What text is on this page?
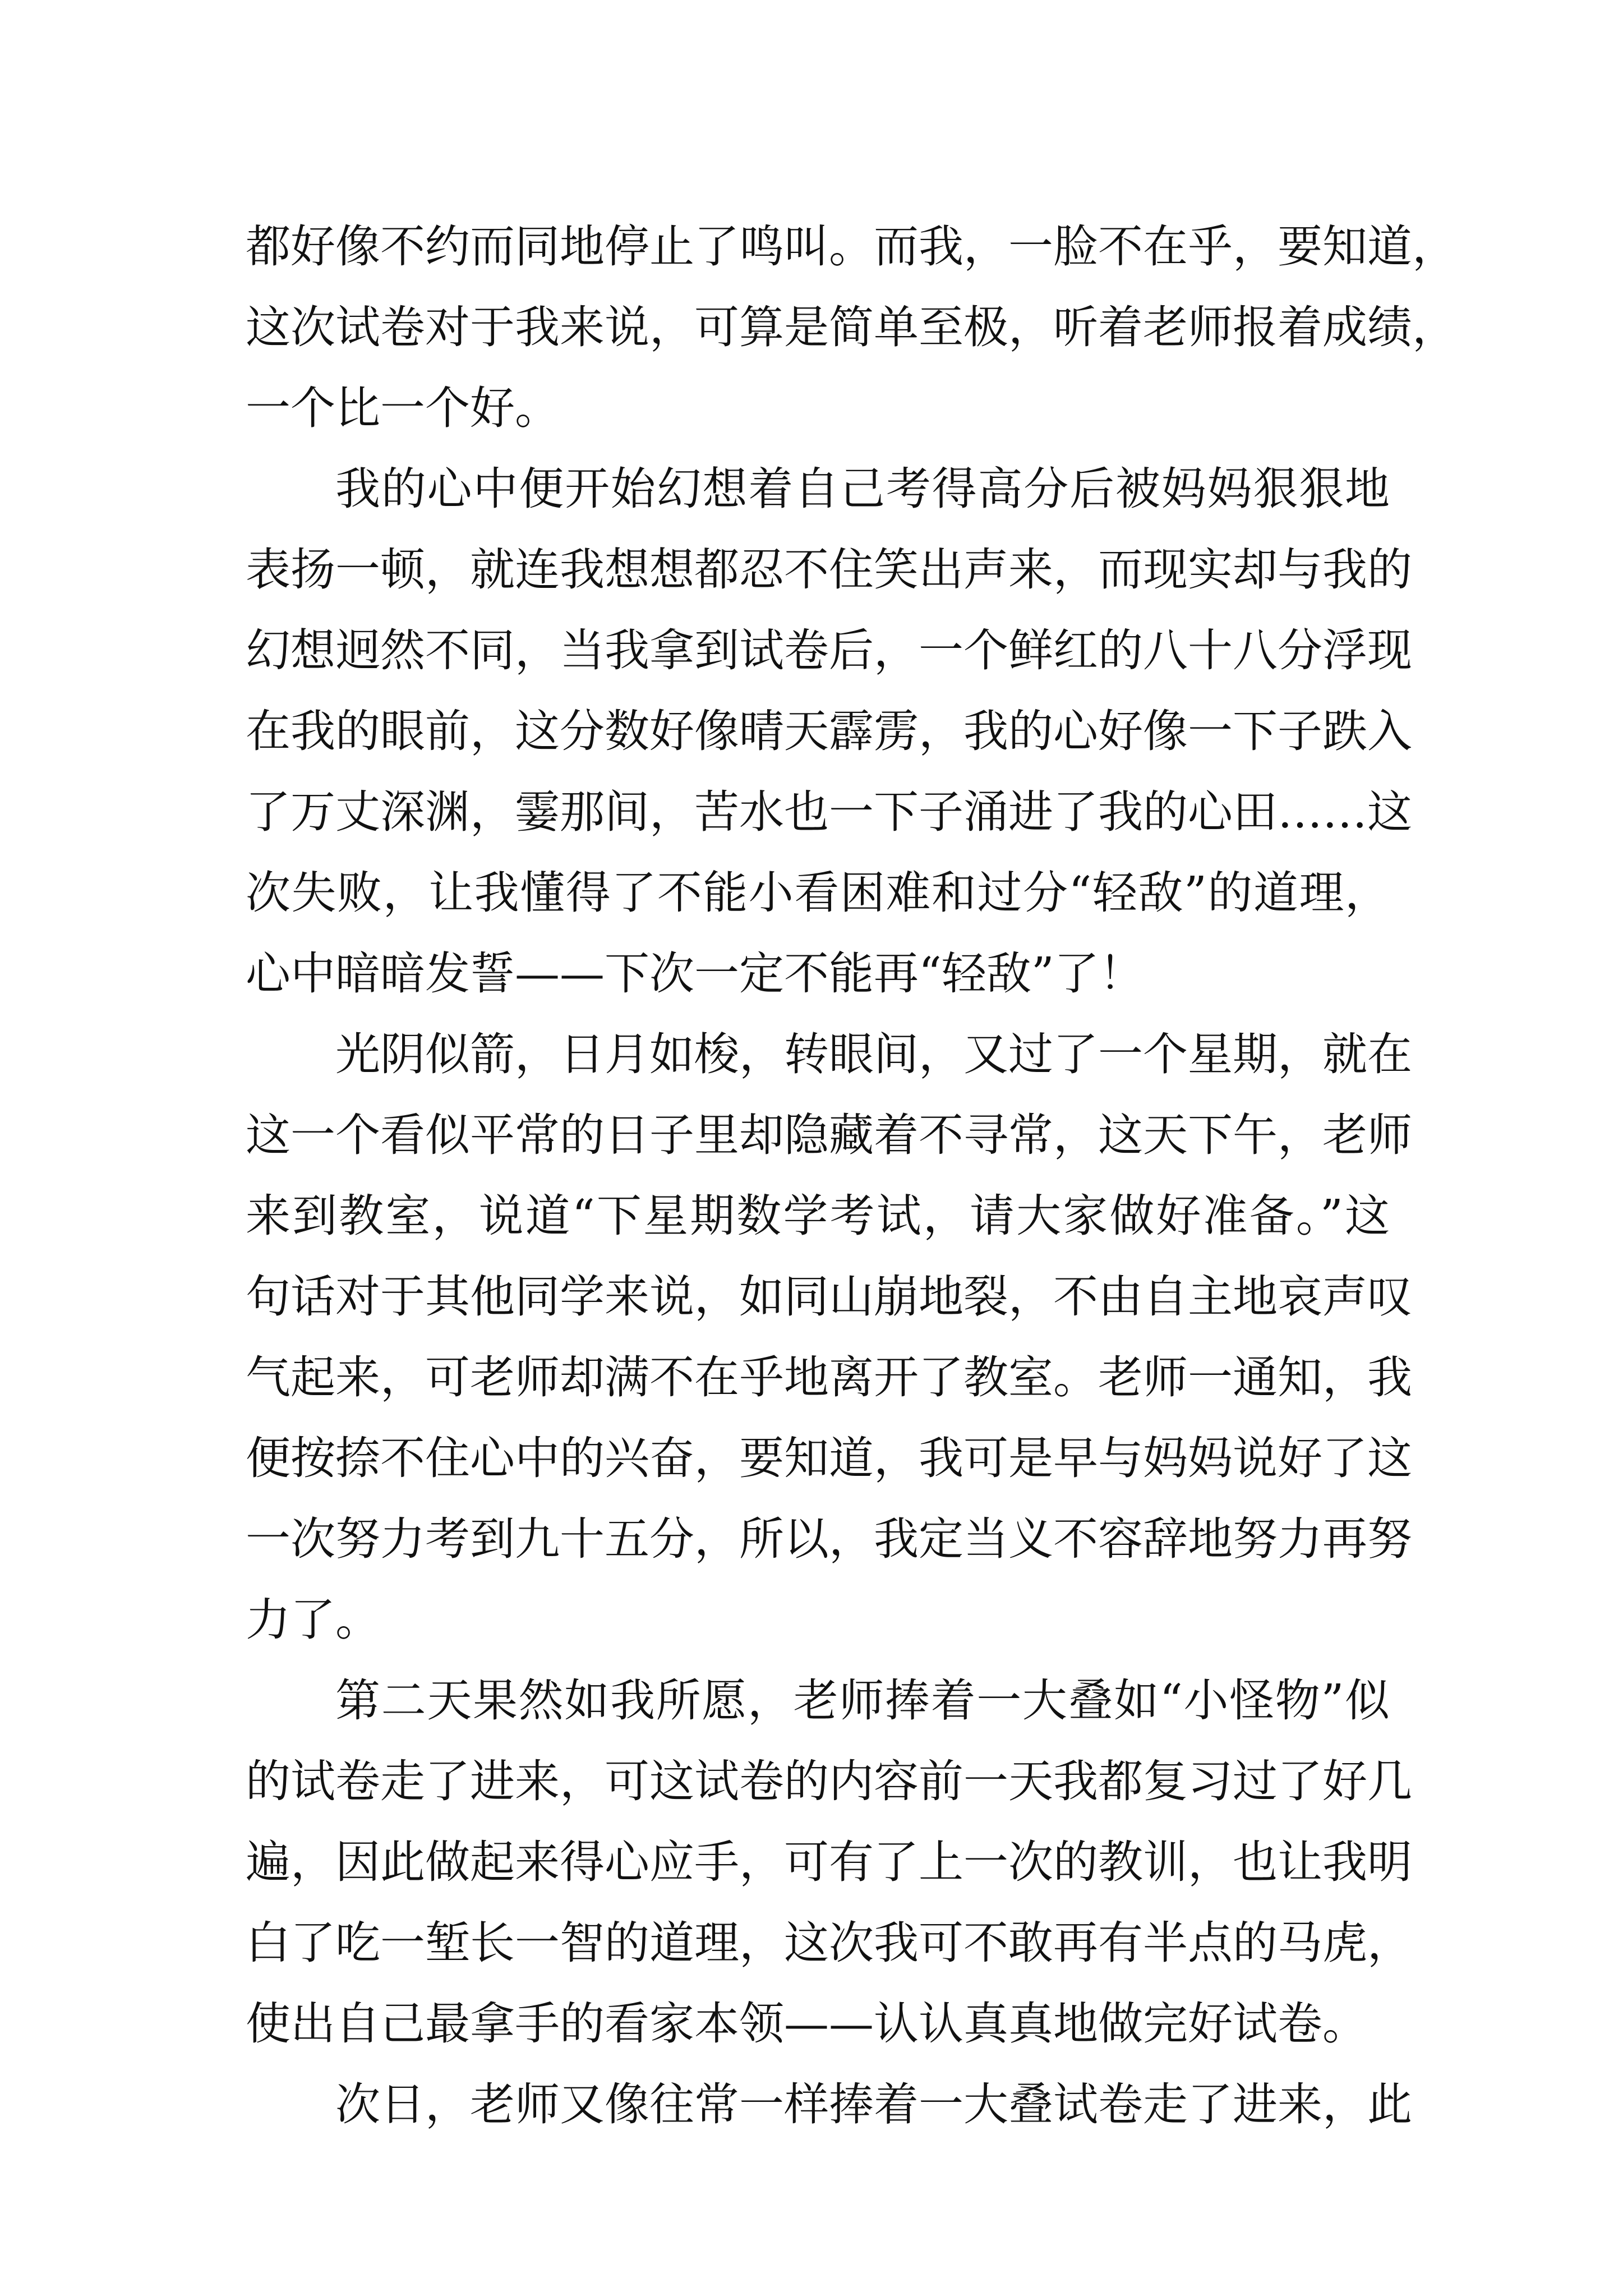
都好像不约而同地停止了鸣叫。而我，一脸不在乎，要知道，
这次试卷对于我来说，可算是简单至极，听着老师报着成绩，
一个比一个好。
我的心中便开始幻想着自己考得高分后被妈妈狠狠地
表扬一顿，就连我想想都忍不住笑出声来，而现实却与我的
幻想迥然不同，当我拿到试卷后，一个鲜红的八十八分浮现
在我的眼前，这分数好像晴天霹雳，我的心好像一下子跌入
了万丈深渊，霎那间，苦水也一下子涌进了我的心田……这
次失败，让我懂得了不能小看困难和过分“轻敌”的道理，
心中暗暗发誓——下次一定不能再“轻敌”了！
光阴似箭，日月如梭，转眼间，又过了一个星期，就在
这一个看似平常的日子里却隐藏着不寻常，这天下午，老师
来到教室，说道“下星期数学考试，请大家做好准备。”这
句话对于其他同学来说，如同山崩地裂，不由自主地哀声叹
气起来，可老师却满不在乎地离开了教室。老师一通知，我
便按捺不住心中的兴奋，要知道，我可是早与妈妈说好了这
一次努力考到九十五分，所以，我定当义不容辞地努力再努
力了。
第二天果然如我所愿，老师捧着一大叠如“小怪物”似
的试卷走了进来，可这试卷的内容前一天我都复习过了好几
遍，因此做起来得心应手，可有了上一次的教训，也让我明
白了吃一堑长一智的道理，这次我可不敢再有半点的马虎，
使出自己最拿手的看家本领——认认真真地做完好试卷。
次日，老师又像往常一样捧着一大叠试卷走了进来，此
